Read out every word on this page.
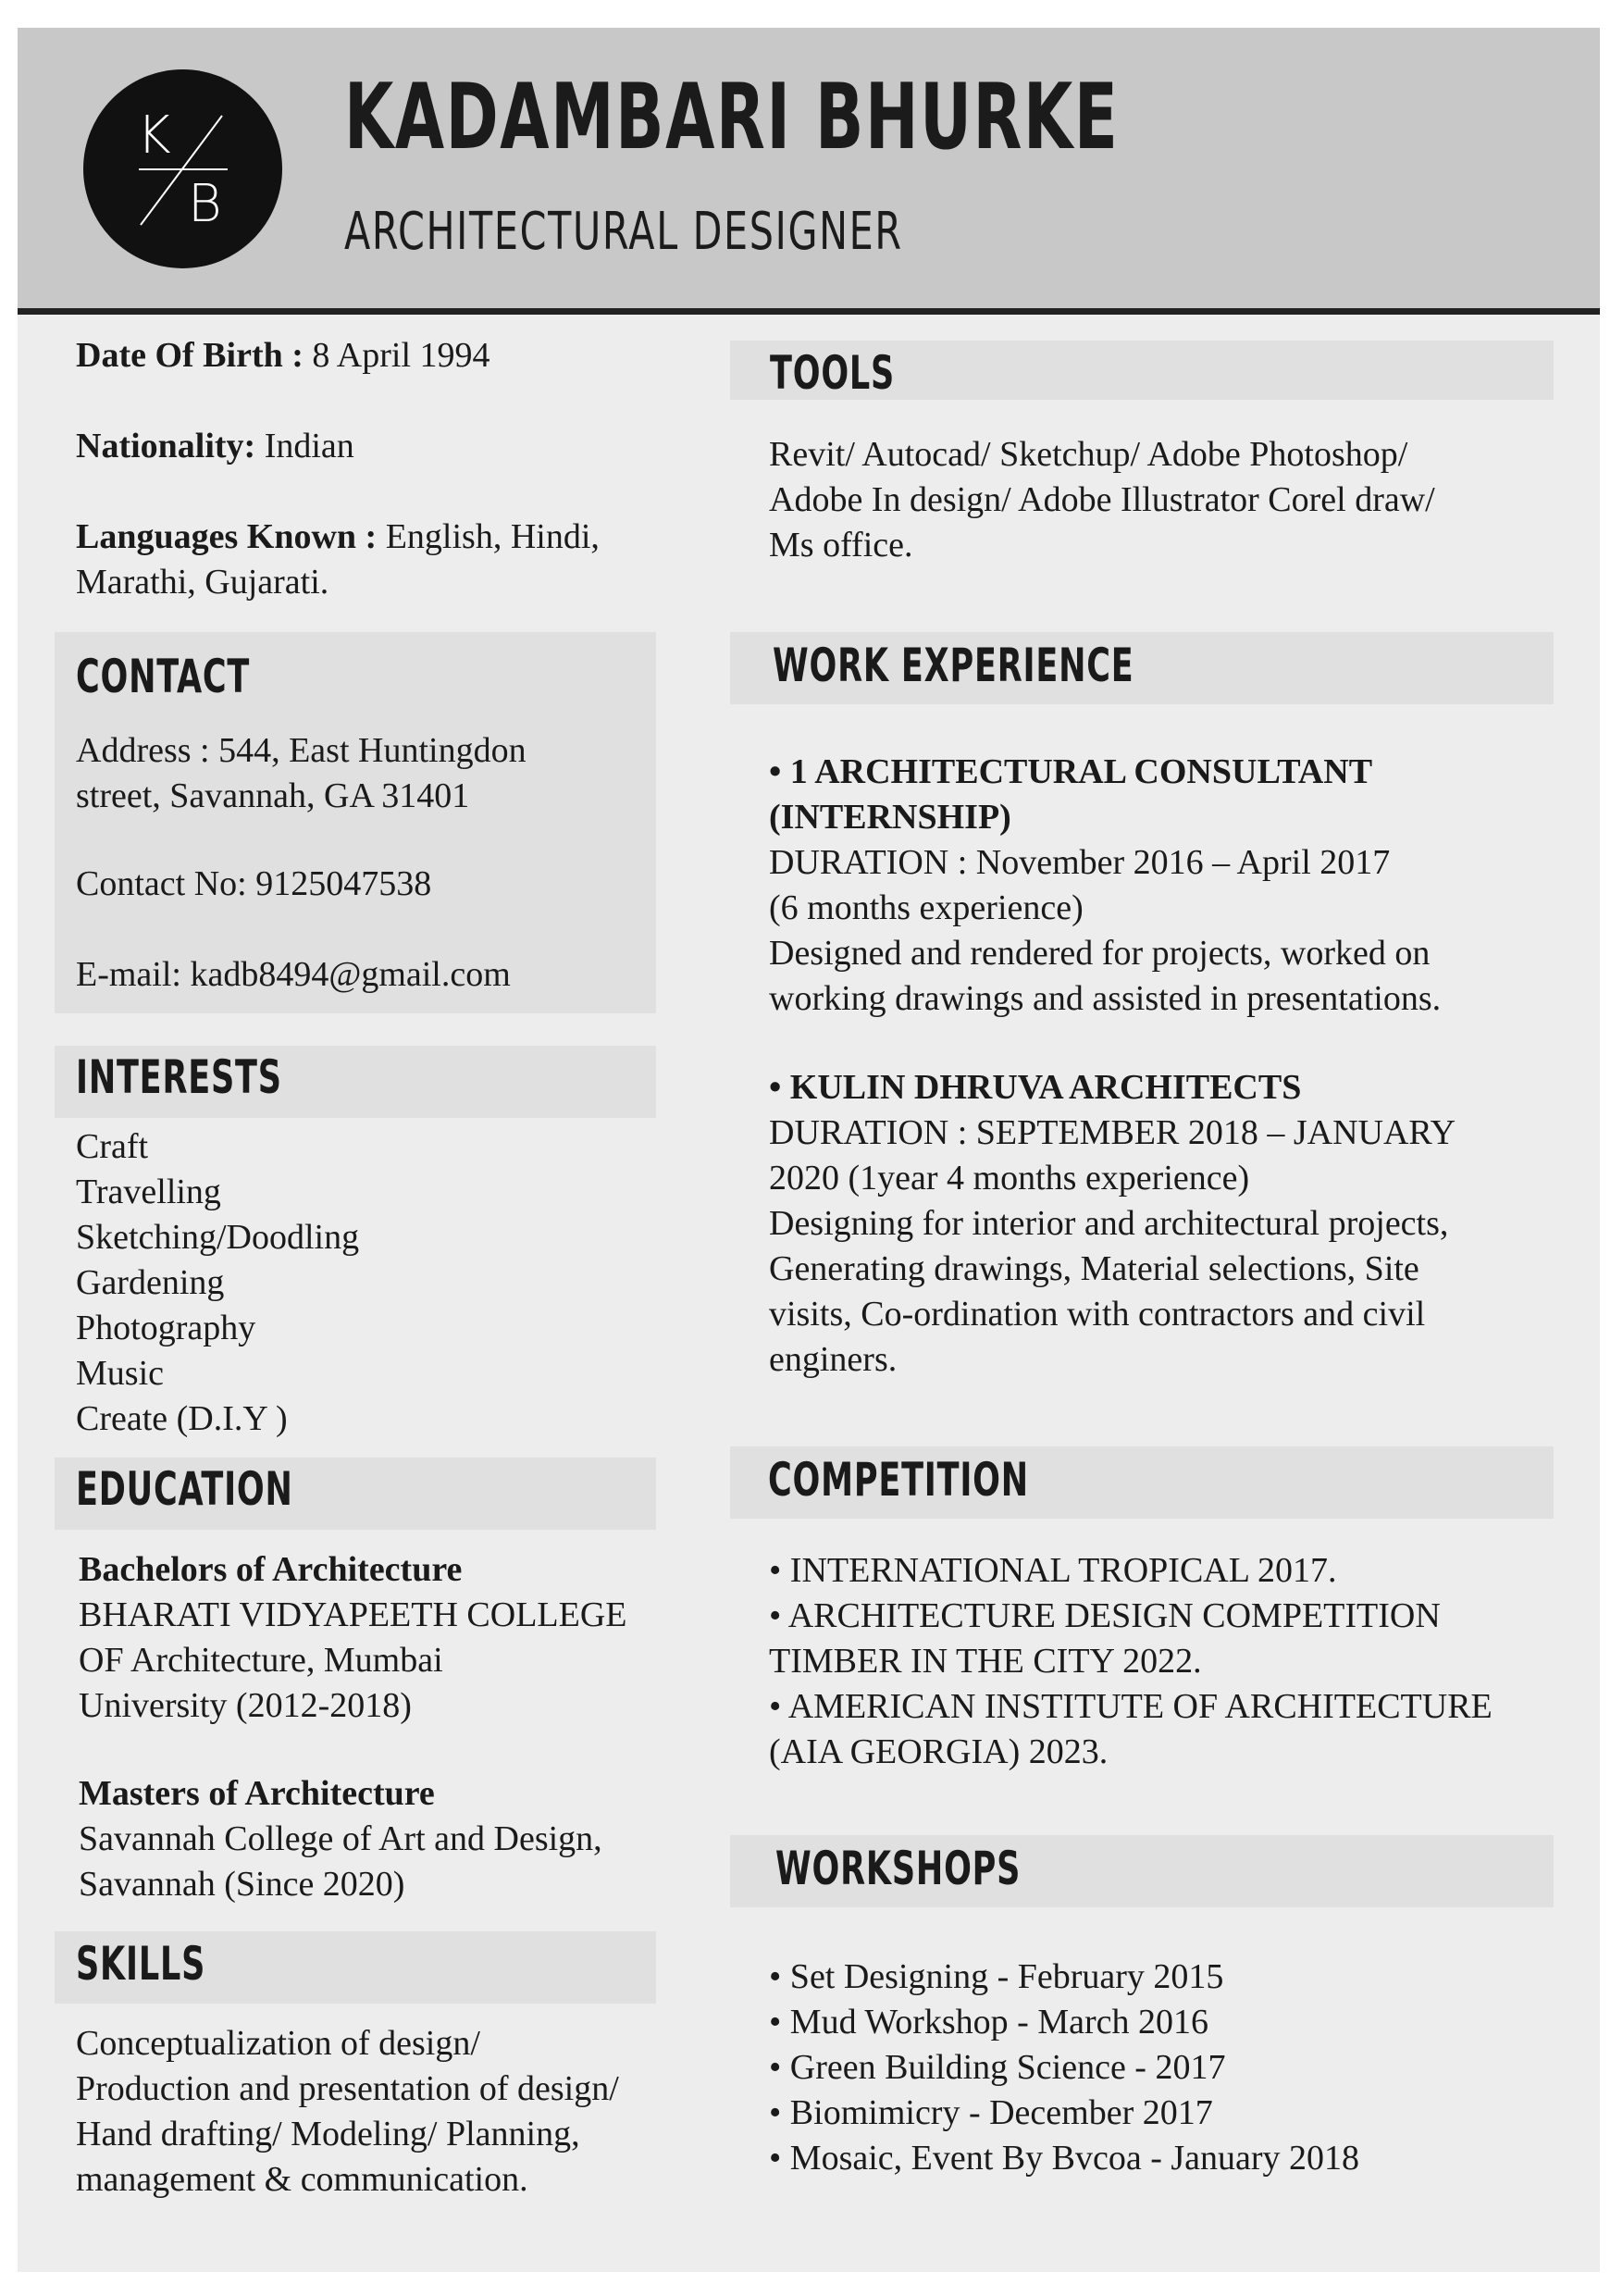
K
B
KADAMBARI BHURKE
ARCHITECTURAL DESIGNER
Date Of Birth : 8 April 1994
Nationality: Indian
Languages Known : English, Hindi,
Marathi, Gujarati.
CONTACT
Address : 544, East Huntingdon
street, Savannah, GA 31401
Contact No: 9125047538
E-mail: kadb8494@gmail.com
INTERESTS
Craft
Travelling
Sketching/Doodling
Gardening
Photography
Music
Create (D.I.Y )
EDUCATION
Bachelors of Architecture
BHARATI VIDYAPEETH COLLEGE
OF Architecture, Mumbai
University (2012-2018)
Masters of Architecture
Savannah College of Art and Design,
Savannah (Since 2020)
SKILLS
Conceptualization of design/
Production and presentation of design/
Hand drafting/ Modeling/ Planning,
management & communication.
TOOLS
Revit/ Autocad/ Sketchup/ Adobe Photoshop/
Adobe In design/ Adobe Illustrator Corel draw/
Ms office.
WORK EXPERIENCE
• 1 ARCHITECTURAL CONSULTANT
(INTERNSHIP)
DURATION : November 2016 – April 2017
(6 months experience)
Designed and rendered for projects, worked on
working drawings and assisted in presentations.
• KULIN DHRUVA ARCHITECTS
DURATION : SEPTEMBER 2018 – JANUARY
2020 (1year 4 months experience)
Designing for interior and architectural projects,
Generating drawings, Material selections, Site
visits, Co-ordination with contractors and civil
enginers.
COMPETITION
• INTERNATIONAL TROPICAL 2017.
• ARCHITECTURE DESIGN COMPETITION
TIMBER IN THE CITY 2022.
• AMERICAN INSTITUTE OF ARCHITECTURE
(AIA GEORGIA) 2023.
WORKSHOPS
• Set Designing - February 2015
• Mud Workshop - March 2016
• Green Building Science - 2017
• Biomimicry - December 2017
• Mosaic, Event By Bvcoa - January 2018
